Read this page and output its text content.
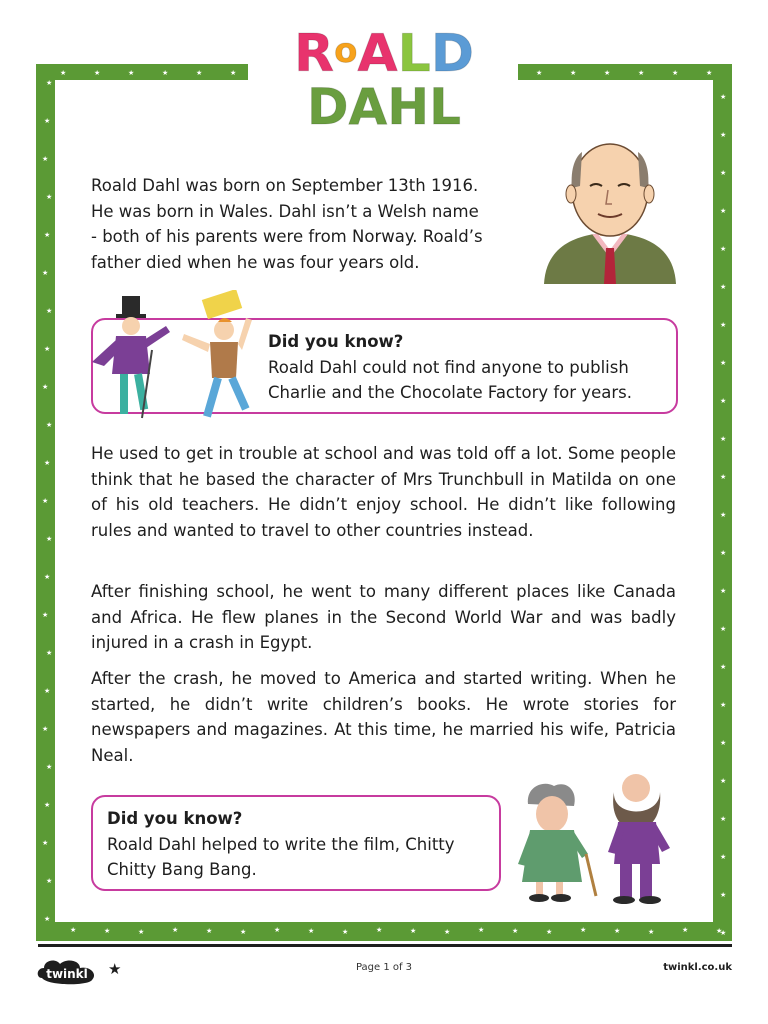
★
★
★
★
★
★
★
★
★
★
★
★
★
★
★
★
★
★
★
★
★
★
★
★
★
★
★
★
★
★
★
★
★
★
★
★
★
★
★
★
★
★
★
★
★
★
★
★
★
★
★
★
★
★
★
★
★
★	★	★	★	★	★	★	★	★
★
★
★
★
★
★
★
★
★
★
★
★
R o A L D
D A H L
Roald Dahl was born on September 13th 1916.
He was born in Wales. Dahl isn’t a Welsh name
- both of his parents were from Norway. Roald’s
father died when he was four years old.
Did you know?
Roald Dahl could not find anyone to publish
Charlie and the Chocolate Factory for years.
He used to get in trouble at school and was told off a lot. Some people think that he based the character of Mrs Trunchbull in Matilda on one of his old teachers. He didn’t enjoy school. He didn’t like following rules and wanted to travel to other countries instead.
After finishing school, he went to many different places like Canada and Africa. He flew planes in the Second World War and was badly injured in a crash in Egypt.
After the crash, he moved to America and started writing. When he started, he didn’t write children’s books. He wrote stories for newspapers and magazines. At this time, he married his wife, Patricia Neal.
Did you know?
Roald Dahl helped to write the film, Chitty
Chitty Bang Bang.
twinkl ★	Page 1 of 3	twinkl.co.uk
